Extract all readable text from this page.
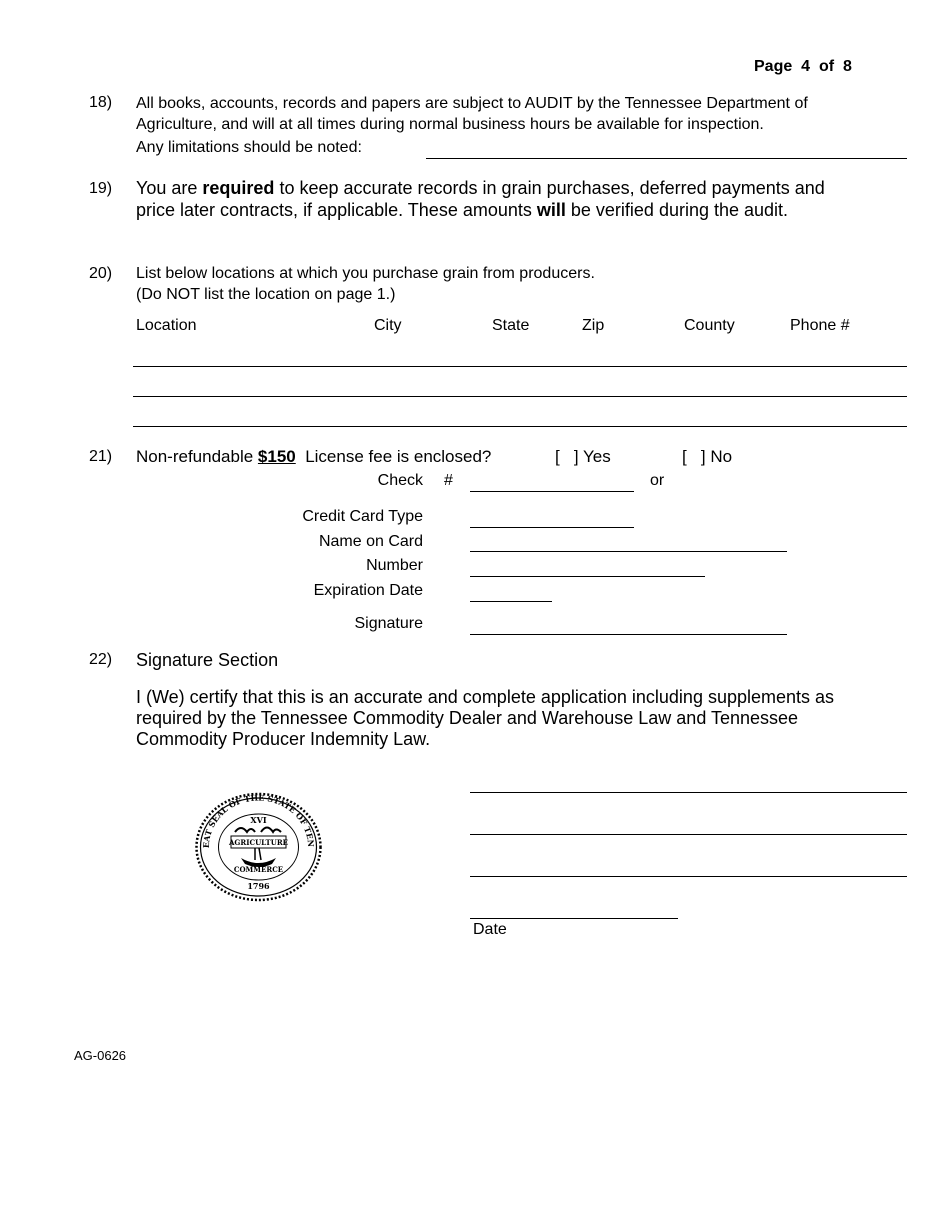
Page 4 of 8
18) All books, accounts, records and papers are subject to AUDIT by the Tennessee Department of Agriculture, and will at all times during normal business hours be available for inspection.
Any limitations should be noted:
19) You are required to keep accurate records in grain purchases, deferred payments and price later contracts, if applicable. These amounts will be verified during the audit.
20) List below locations at which you purchase grain from producers.
(Do NOT list the location on page 1.)
Location	City	State	Zip	County	Phone #
21) Non-refundable $150  License fee is enclosed?	[   ] Yes	[   ] No
Check #	or
Credit Card Type
Name on Card
Number
Expiration Date
Signature
22) Signature Section
I (We) certify that this is an accurate and complete application including supplements as required by the Tennessee Commodity Dealer and Warehouse Law and Tennessee Commodity Producer Indemnity Law.
EAT SEAL OF THE STATE OF TEN
XVI
AGRICULTURE
COMMERCE
1796
Date
AG-0626
